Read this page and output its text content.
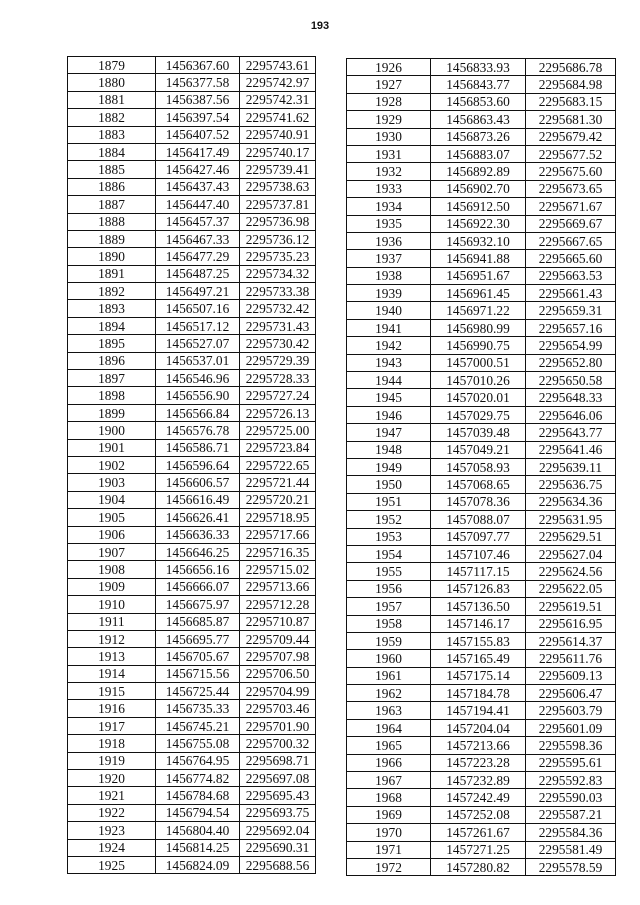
193
1879	1456367.60	2295743.61
1880	1456377.58	2295742.97
1881	1456387.56	2295742.31
1882	1456397.54	2295741.62
1883	1456407.52	2295740.91
1884	1456417.49	2295740.17
1885	1456427.46	2295739.41
1886	1456437.43	2295738.63
1887	1456447.40	2295737.81
1888	1456457.37	2295736.98
1889	1456467.33	2295736.12
1890	1456477.29	2295735.23
1891	1456487.25	2295734.32
1892	1456497.21	2295733.38
1893	1456507.16	2295732.42
1894	1456517.12	2295731.43
1895	1456527.07	2295730.42
1896	1456537.01	2295729.39
1897	1456546.96	2295728.33
1898	1456556.90	2295727.24
1899	1456566.84	2295726.13
1900	1456576.78	2295725.00
1901	1456586.71	2295723.84
1902	1456596.64	2295722.65
1903	1456606.57	2295721.44
1904	1456616.49	2295720.21
1905	1456626.41	2295718.95
1906	1456636.33	2295717.66
1907	1456646.25	2295716.35
1908	1456656.16	2295715.02
1909	1456666.07	2295713.66
1910	1456675.97	2295712.28
1911	1456685.87	2295710.87
1912	1456695.77	2295709.44
1913	1456705.67	2295707.98
1914	1456715.56	2295706.50
1915	1456725.44	2295704.99
1916	1456735.33	2295703.46
1917	1456745.21	2295701.90
1918	1456755.08	2295700.32
1919	1456764.95	2295698.71
1920	1456774.82	2295697.08
1921	1456784.68	2295695.43
1922	1456794.54	2295693.75
1923	1456804.40	2295692.04
1924	1456814.25	2295690.31
1925	1456824.09	2295688.56
1926	1456833.93	2295686.78
1927	1456843.77	2295684.98
1928	1456853.60	2295683.15
1929	1456863.43	2295681.30
1930	1456873.26	2295679.42
1931	1456883.07	2295677.52
1932	1456892.89	2295675.60
1933	1456902.70	2295673.65
1934	1456912.50	2295671.67
1935	1456922.30	2295669.67
1936	1456932.10	2295667.65
1937	1456941.88	2295665.60
1938	1456951.67	2295663.53
1939	1456961.45	2295661.43
1940	1456971.22	2295659.31
1941	1456980.99	2295657.16
1942	1456990.75	2295654.99
1943	1457000.51	2295652.80
1944	1457010.26	2295650.58
1945	1457020.01	2295648.33
1946	1457029.75	2295646.06
1947	1457039.48	2295643.77
1948	1457049.21	2295641.46
1949	1457058.93	2295639.11
1950	1457068.65	2295636.75
1951	1457078.36	2295634.36
1952	1457088.07	2295631.95
1953	1457097.77	2295629.51
1954	1457107.46	2295627.04
1955	1457117.15	2295624.56
1956	1457126.83	2295622.05
1957	1457136.50	2295619.51
1958	1457146.17	2295616.95
1959	1457155.83	2295614.37
1960	1457165.49	2295611.76
1961	1457175.14	2295609.13
1962	1457184.78	2295606.47
1963	1457194.41	2295603.79
1964	1457204.04	2295601.09
1965	1457213.66	2295598.36
1966	1457223.28	2295595.61
1967	1457232.89	2295592.83
1968	1457242.49	2295590.03
1969	1457252.08	2295587.21
1970	1457261.67	2295584.36
1971	1457271.25	2295581.49
1972	1457280.82	2295578.59
